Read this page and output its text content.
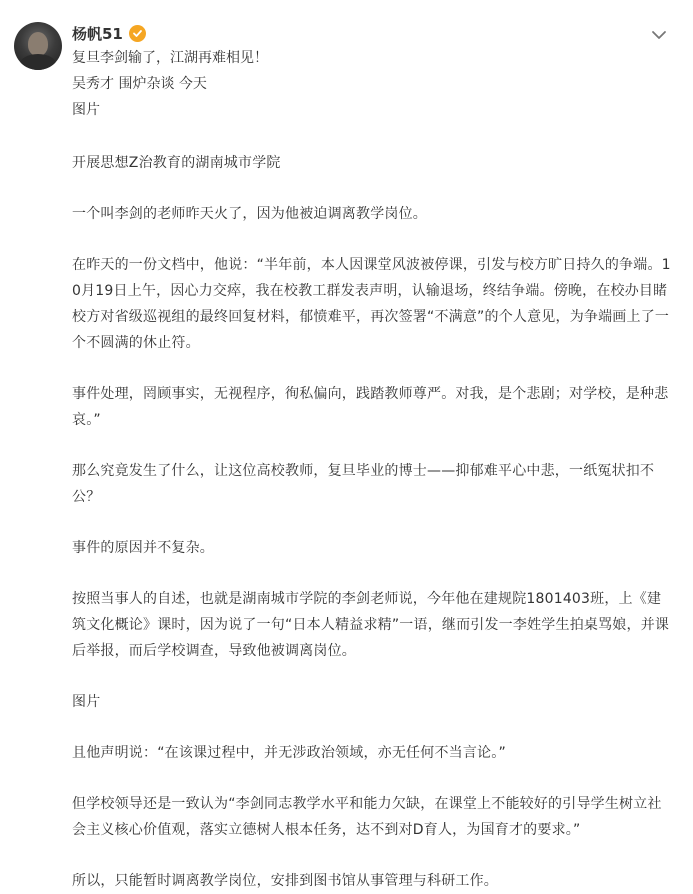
杨帆51

复旦李剑输了，江湖再难相见！

吴秀才 围炉杂谈 今天

图片

开展思想Z治教育的湖南城市学院

一个叫李剑的老师昨天火了，因为他被迫调离教学岗位。

在昨天的一份文档中，他说：“半年前，本人因课堂风波被停课，引发与校方旷日持久的争端。10月19日上午，因心力交瘁，我在校教工群发表声明，认输退场，终结争端。傍晚，在校办目睹校方对省级巡视组的最终回复材料，郁愤难平，再次签署“不满意”的个人意见，为争端画上了一个不圆满的休止符。

事件处理，罔顾事实，无视程序，徇私偏向，践踏教师尊严。对我，是个悲剧；对学校，是种悲哀。”

那么究竟发生了什么，让这位高校教师，复旦毕业的博士——抑郁难平心中悲，一纸冤状扣不公？

事件的原因并不复杂。

按照当事人的自述，也就是湖南城市学院的李剑老师说，今年他在建规院1801403班，上《建筑文化概论》课时，因为说了一句“日本人精益求精”一语，继而引发一李姓学生拍桌骂娘，并课后举报，而后学校调查，导致他被调离岗位。

图片

且他声明说：“在该课过程中，并无涉政治领域，亦无任何不当言论。”

但学校领导还是一致认为“李剑同志教学水平和能力欠缺，在课堂上不能较好的引导学生树立社会主义核心价值观，落实立德树人根本任务，达不到对D育人，为国育才的要求。”

所以，只能暂时调离教学岗位，安排到图书馆从事管理与科研工作。
